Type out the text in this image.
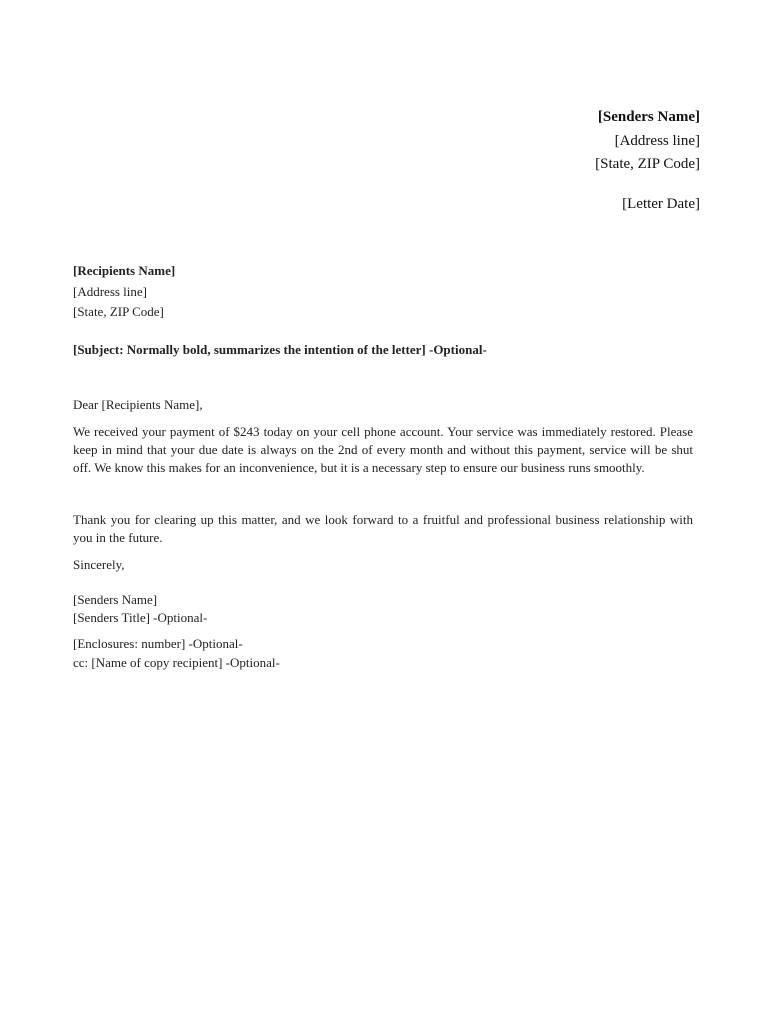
[Senders Name]
[Address line]
[State, ZIP Code]
[Letter Date]
[Recipients Name]
[Address line]
[State, ZIP Code]
[Subject: Normally bold, summarizes the intention of the letter] -Optional-
Dear [Recipients Name],
We received your payment of $243 today on your cell phone account. Your service was immediately restored. Please keep in mind that your due date is always on the 2nd of every month and without this payment, service will be shut off. We know this makes for an inconvenience, but it is a necessary step to ensure our business runs smoothly.
Thank you for clearing up this matter, and we look forward to a fruitful and professional business relationship with you in the future.
Sincerely,
[Senders Name]
[Senders Title] -Optional-
[Enclosures: number] -Optional-
cc: [Name of copy recipient] -Optional-
